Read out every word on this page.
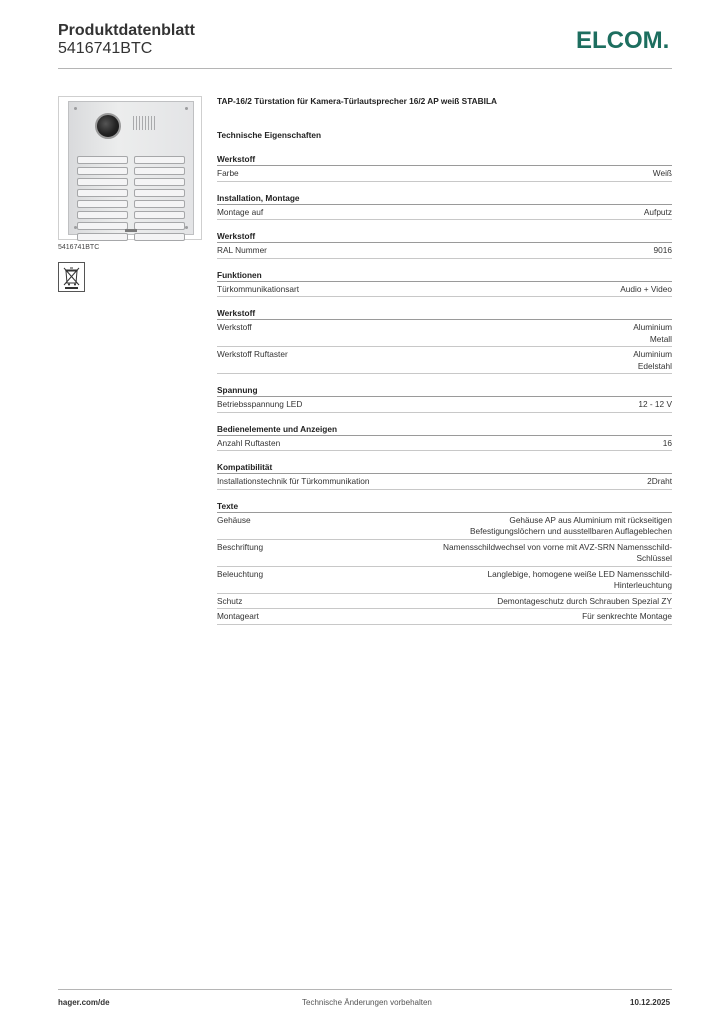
Produktdatenblatt
5416741BTC	ELCOM.
5416741BTC
TAP-16/2 Türstation für Kamera-Türlautsprecher 16/2 AP weiß STABILA
Technische Eigenschaften
Werkstoff
Farbe	Weiß
Installation, Montage
Montage auf	Aufputz
Werkstoff
RAL Nummer	9016
Funktionen
Türkommunikationsart	Audio + Video
Werkstoff
Werkstoff	Aluminium
Metall
Werkstoff Ruftaster	Aluminium
Edelstahl
Spannung
Betriebsspannung LED	12 - 12 V
Bedienelemente und Anzeigen
Anzahl Ruftasten	16
Kompatibilität
Installationstechnik für Türkommunikation	2Draht
Texte
Gehäuse	Gehäuse AP aus Aluminium mit rückseitigen
Befestigungslöchern und ausstellbaren Auflageblechen
Beschriftung	Namensschildwechsel von vorne mit AVZ-SRN Namensschild-
Schlüssel
Beleuchtung	Langlebige, homogene weiße LED Namensschild-
Hinterleuchtung
Schutz	Demontageschutz durch Schrauben Spezial ZY
Montageart	Für senkrechte Montage
hager.com/de	Technische Änderungen vorbehalten	10.12.2025
